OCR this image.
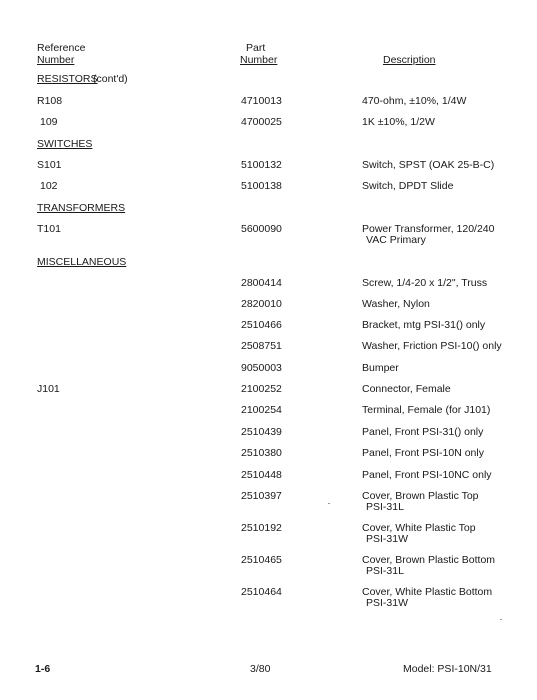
Reference
Number
Part
Number	Description
RESISTORS
(cont'd)
R108	4710013	470-ohm, ±10%, 1/4W
109	4700025	1K ±10%, 1/2W
SWITCHES
S101	5100132	Switch, SPST (OAK 25-B-C)
102	5100138	Switch, DPDT Slide
TRANSFORMERS
T101	5600090	Power Transformer, 120/240
VAC Primary
MISCELLANEOUS
2800414	Screw, 1/4-20 x 1/2", Truss
2820010	Washer, Nylon
2510466	Bracket, mtg PSI-31() only
2508751	Washer, Friction PSI-10() only
9050003	Bumper
J101	2100252	Connector, Female
2100254	Terminal, Female (for J101)
2510439	Panel, Front PSI-31() only
2510380	Panel, Front PSI-10N only
2510448	Panel, Front PSI-10NC only
2510397	Cover, Brown Plastic Top
PSI-31L
2510192	Cover, White Plastic Top
PSI-31W
2510465	Cover, Brown Plastic Bottom
PSI-31L
2510464	Cover, White Plastic Bottom
PSI-31W
1-6	3/80	Model: PSI-10N/31
